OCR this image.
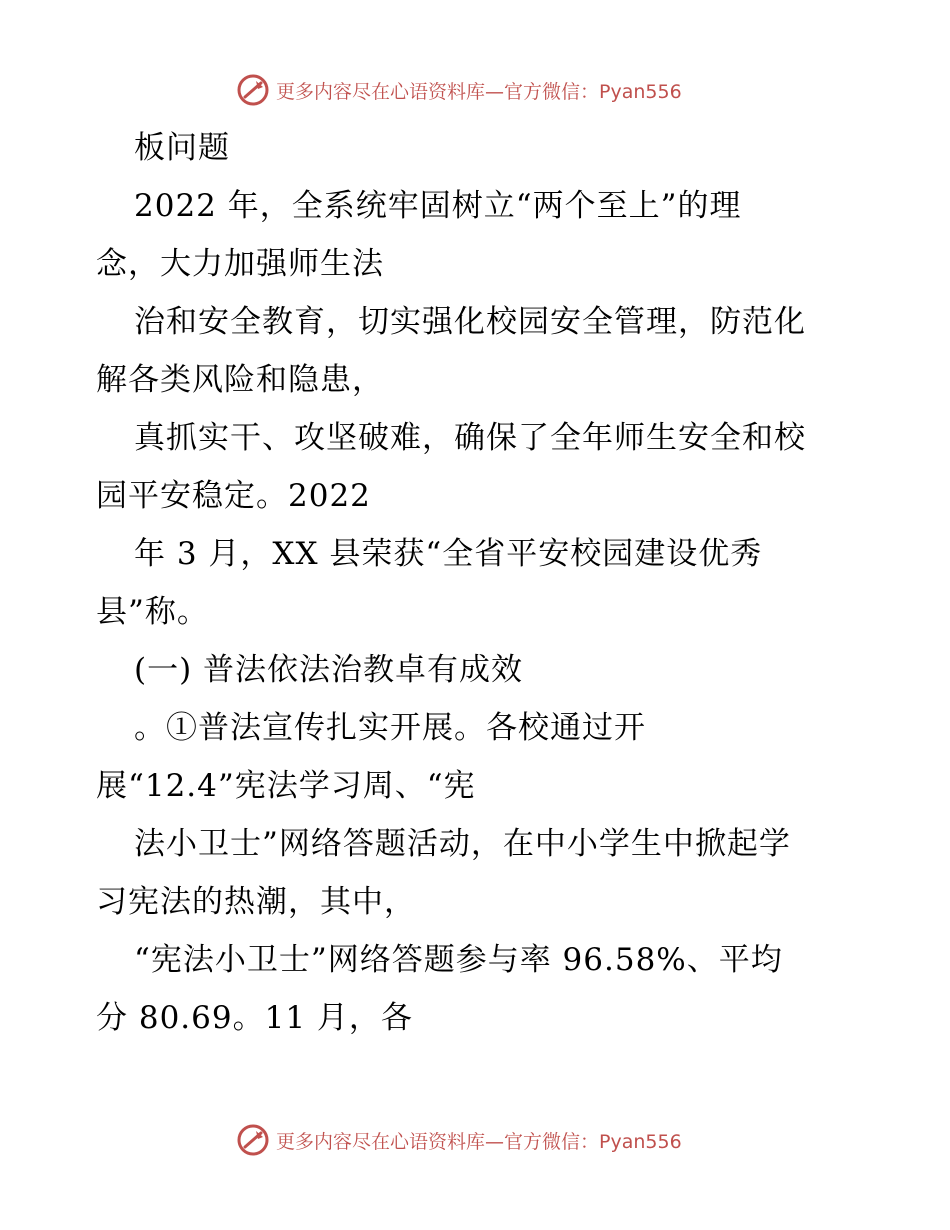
更多内容尽在心语资料库—官方微信：Pyan556
板问题
2022 年，全系统牢固树立“两个至上”的理
念，大力加强师生法
治和安全教育，切实强化校园安全管理，防范化
解各类风险和隐患，
真抓实干、攻坚破难，确保了全年师生安全和校
园平安稳定。2022
年 3 月，XX 县荣获“全省平安校园建设优秀
县”称。
(一) 普法依法治教卓有成效
。①普法宣传扎实开展。各校通过开
展“12.4”宪法学习周、“宪
法小卫士”网络答题活动，在中小学生中掀起学
习宪法的热潮，其中，
“宪法小卫士”网络答题参与率 96.58%、平均
分 80.69。11 月，各
更多内容尽在心语资料库—官方微信：Pyan556
